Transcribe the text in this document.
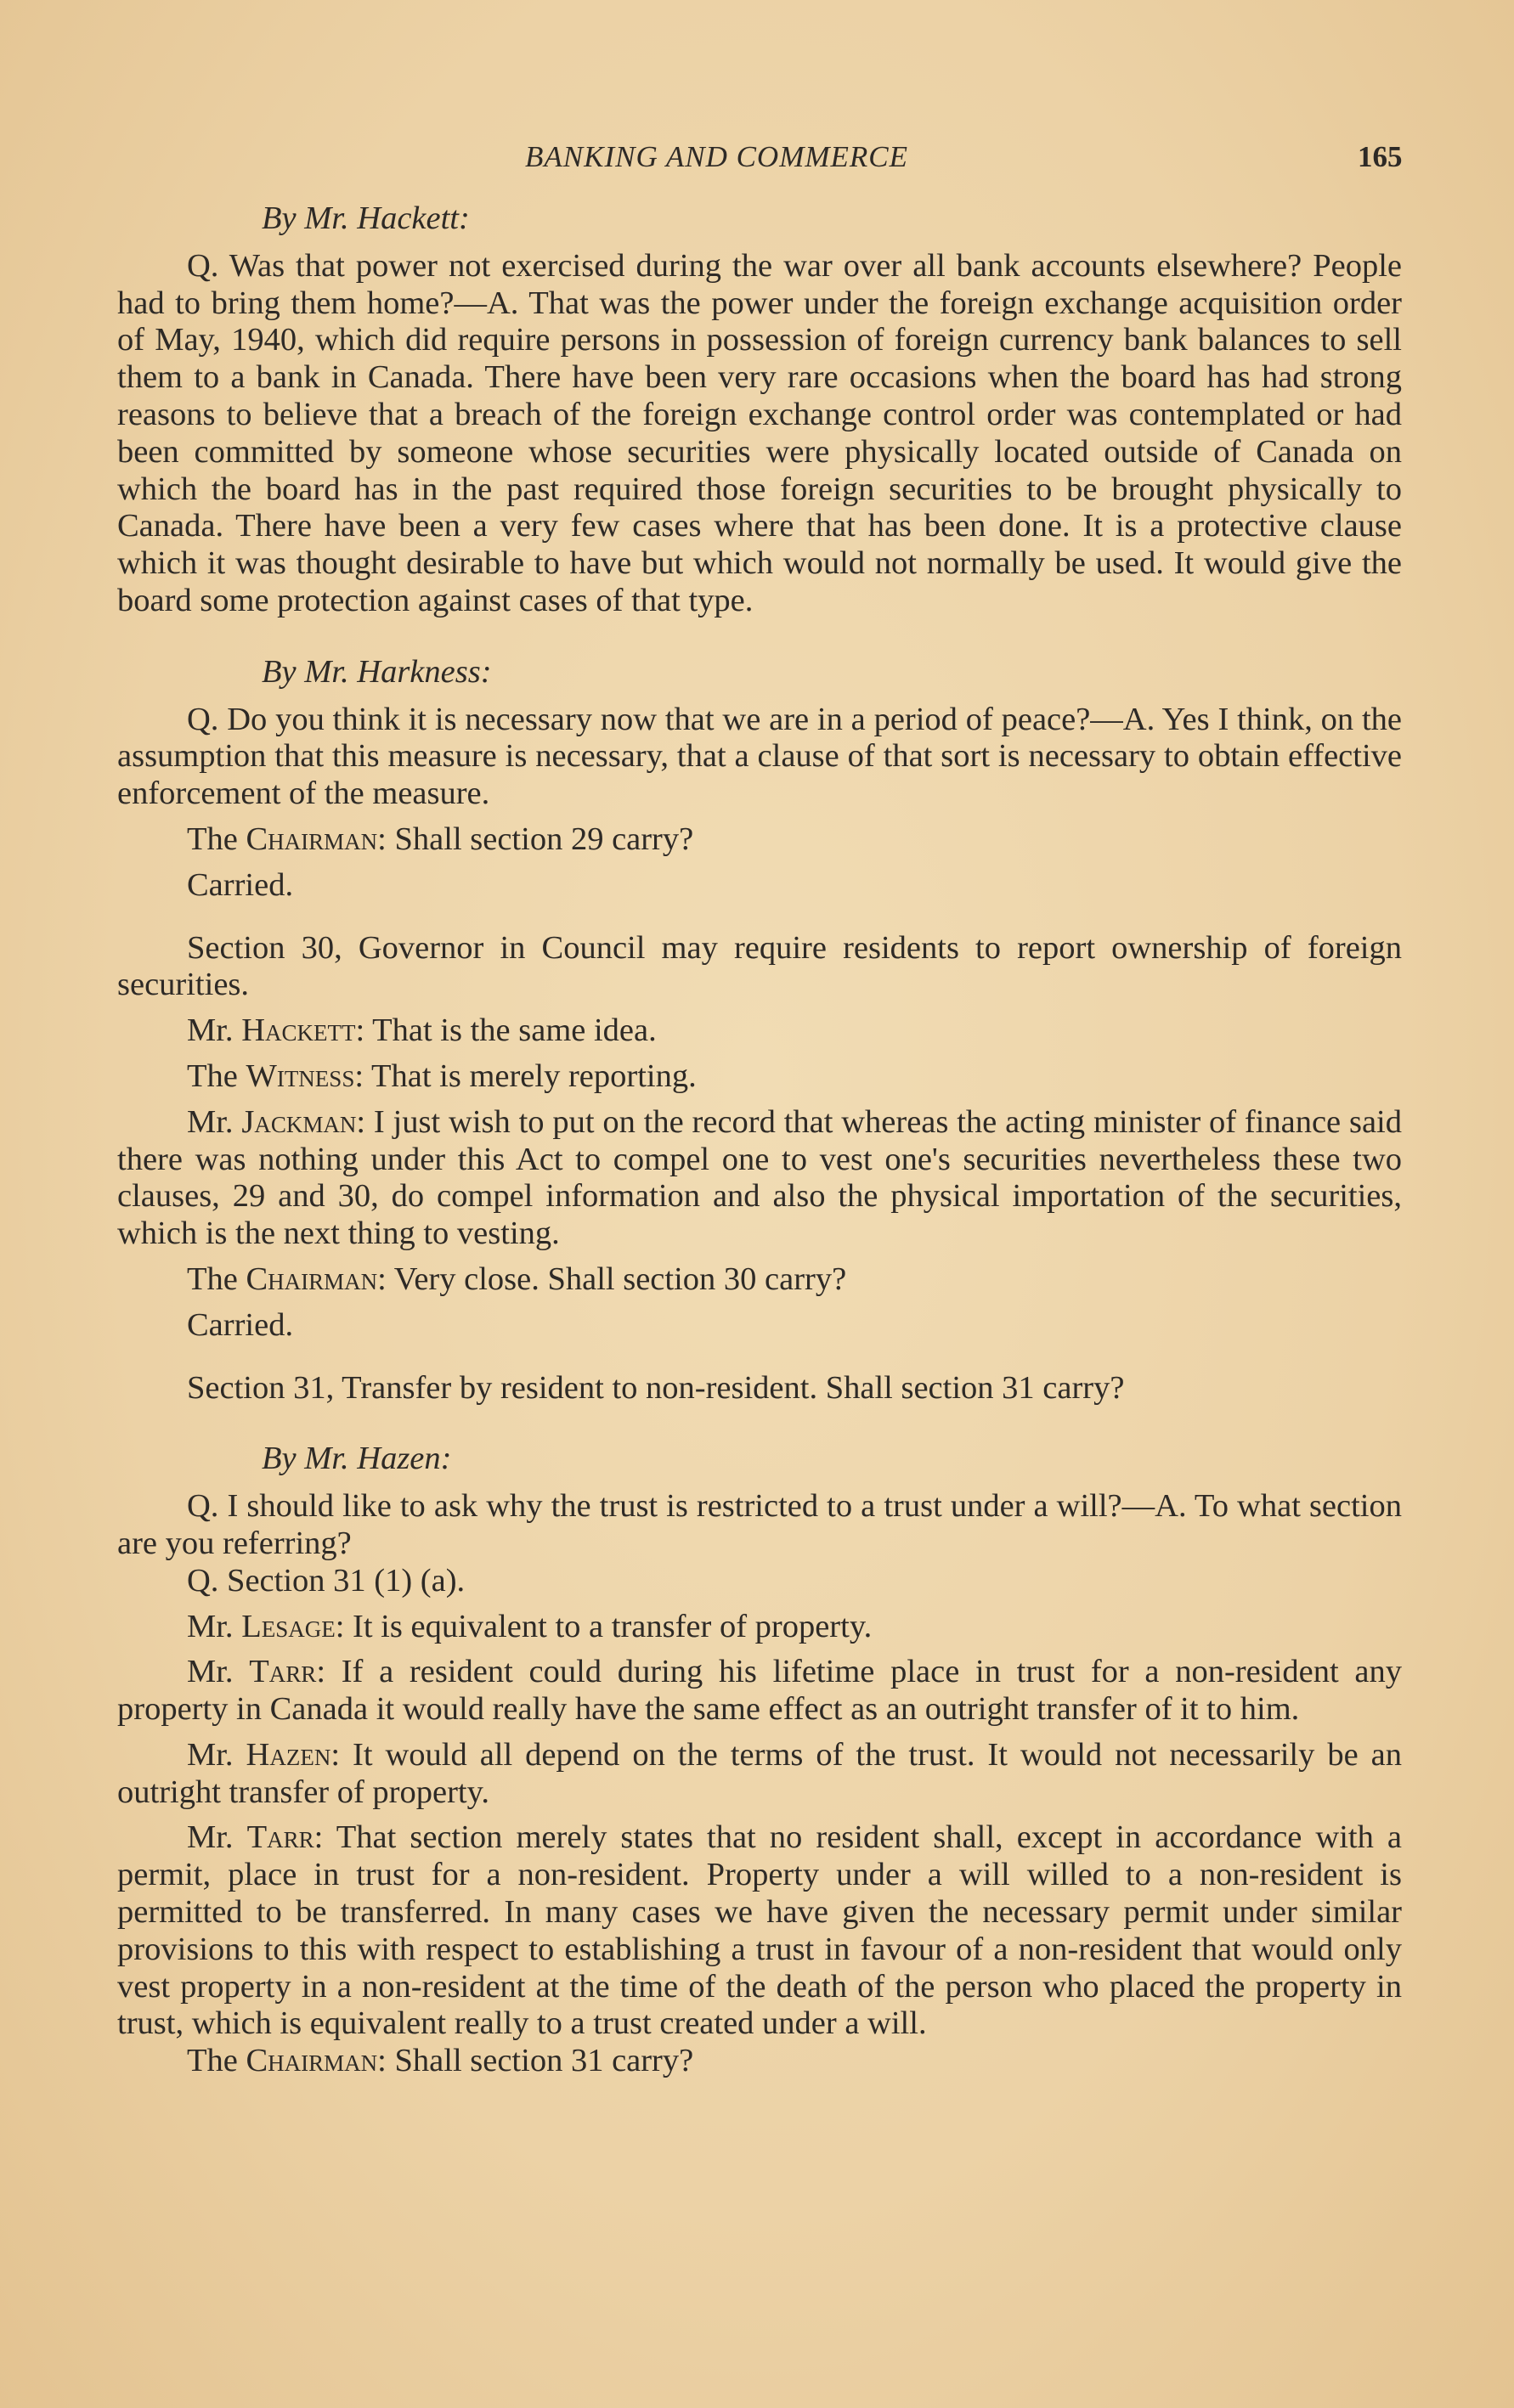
BANKING AND COMMERCE	165

By Mr. Hackett:

Q. Was that power not exercised during the war over all bank accounts elsewhere? People had to bring them home?—A. That was the power under the foreign exchange acquisition order of May, 1940, which did require persons in possession of foreign currency bank balances to sell them to a bank in Canada. There have been very rare occasions when the board has had strong reasons to believe that a breach of the foreign exchange control order was contemplated or had been committed by someone whose securities were physically located outside of Canada on which the board has in the past required those foreign securities to be brought physically to Canada. There have been a very few cases where that has been done. It is a protective clause which it was thought desirable to have but which would not normally be used. It would give the board some protection against cases of that type.

By Mr. Harkness:

Q. Do you think it is necessary now that we are in a period of peace?—A. Yes I think, on the assumption that this measure is necessary, that a clause of that sort is necessary to obtain effective enforcement of the measure.

The Chairman: Shall section 29 carry?

Carried.

Section 30, Governor in Council may require residents to report ownership of foreign securities.

Mr. Hackett: That is the same idea.

The Witness: That is merely reporting.

Mr. Jackman: I just wish to put on the record that whereas the acting minister of finance said there was nothing under this Act to compel one to vest one's securities nevertheless these two clauses, 29 and 30, do compel information and also the physical importation of the securities, which is the next thing to vesting.

The Chairman: Very close. Shall section 30 carry?

Carried.

Section 31, Transfer by resident to non-resident. Shall section 31 carry?

By Mr. Hazen:

Q. I should like to ask why the trust is restricted to a trust under a will?—A. To what section are you referring?

Q. Section 31 (1) (a).

Mr. Lesage: It is equivalent to a transfer of property.

Mr. Tarr: If a resident could during his lifetime place in trust for a non-resident any property in Canada it would really have the same effect as an outright transfer of it to him.

Mr. Hazen: It would all depend on the terms of the trust. It would not necessarily be an outright transfer of property.

Mr. Tarr: That section merely states that no resident shall, except in accordance with a permit, place in trust for a non-resident. Property under a will willed to a non-resident is permitted to be transferred. In many cases we have given the necessary permit under similar provisions to this with respect to establishing a trust in favour of a non-resident that would only vest property in a non-resident at the time of the death of the person who placed the property in trust, which is equivalent really to a trust created under a will.

The Chairman: Shall section 31 carry?
